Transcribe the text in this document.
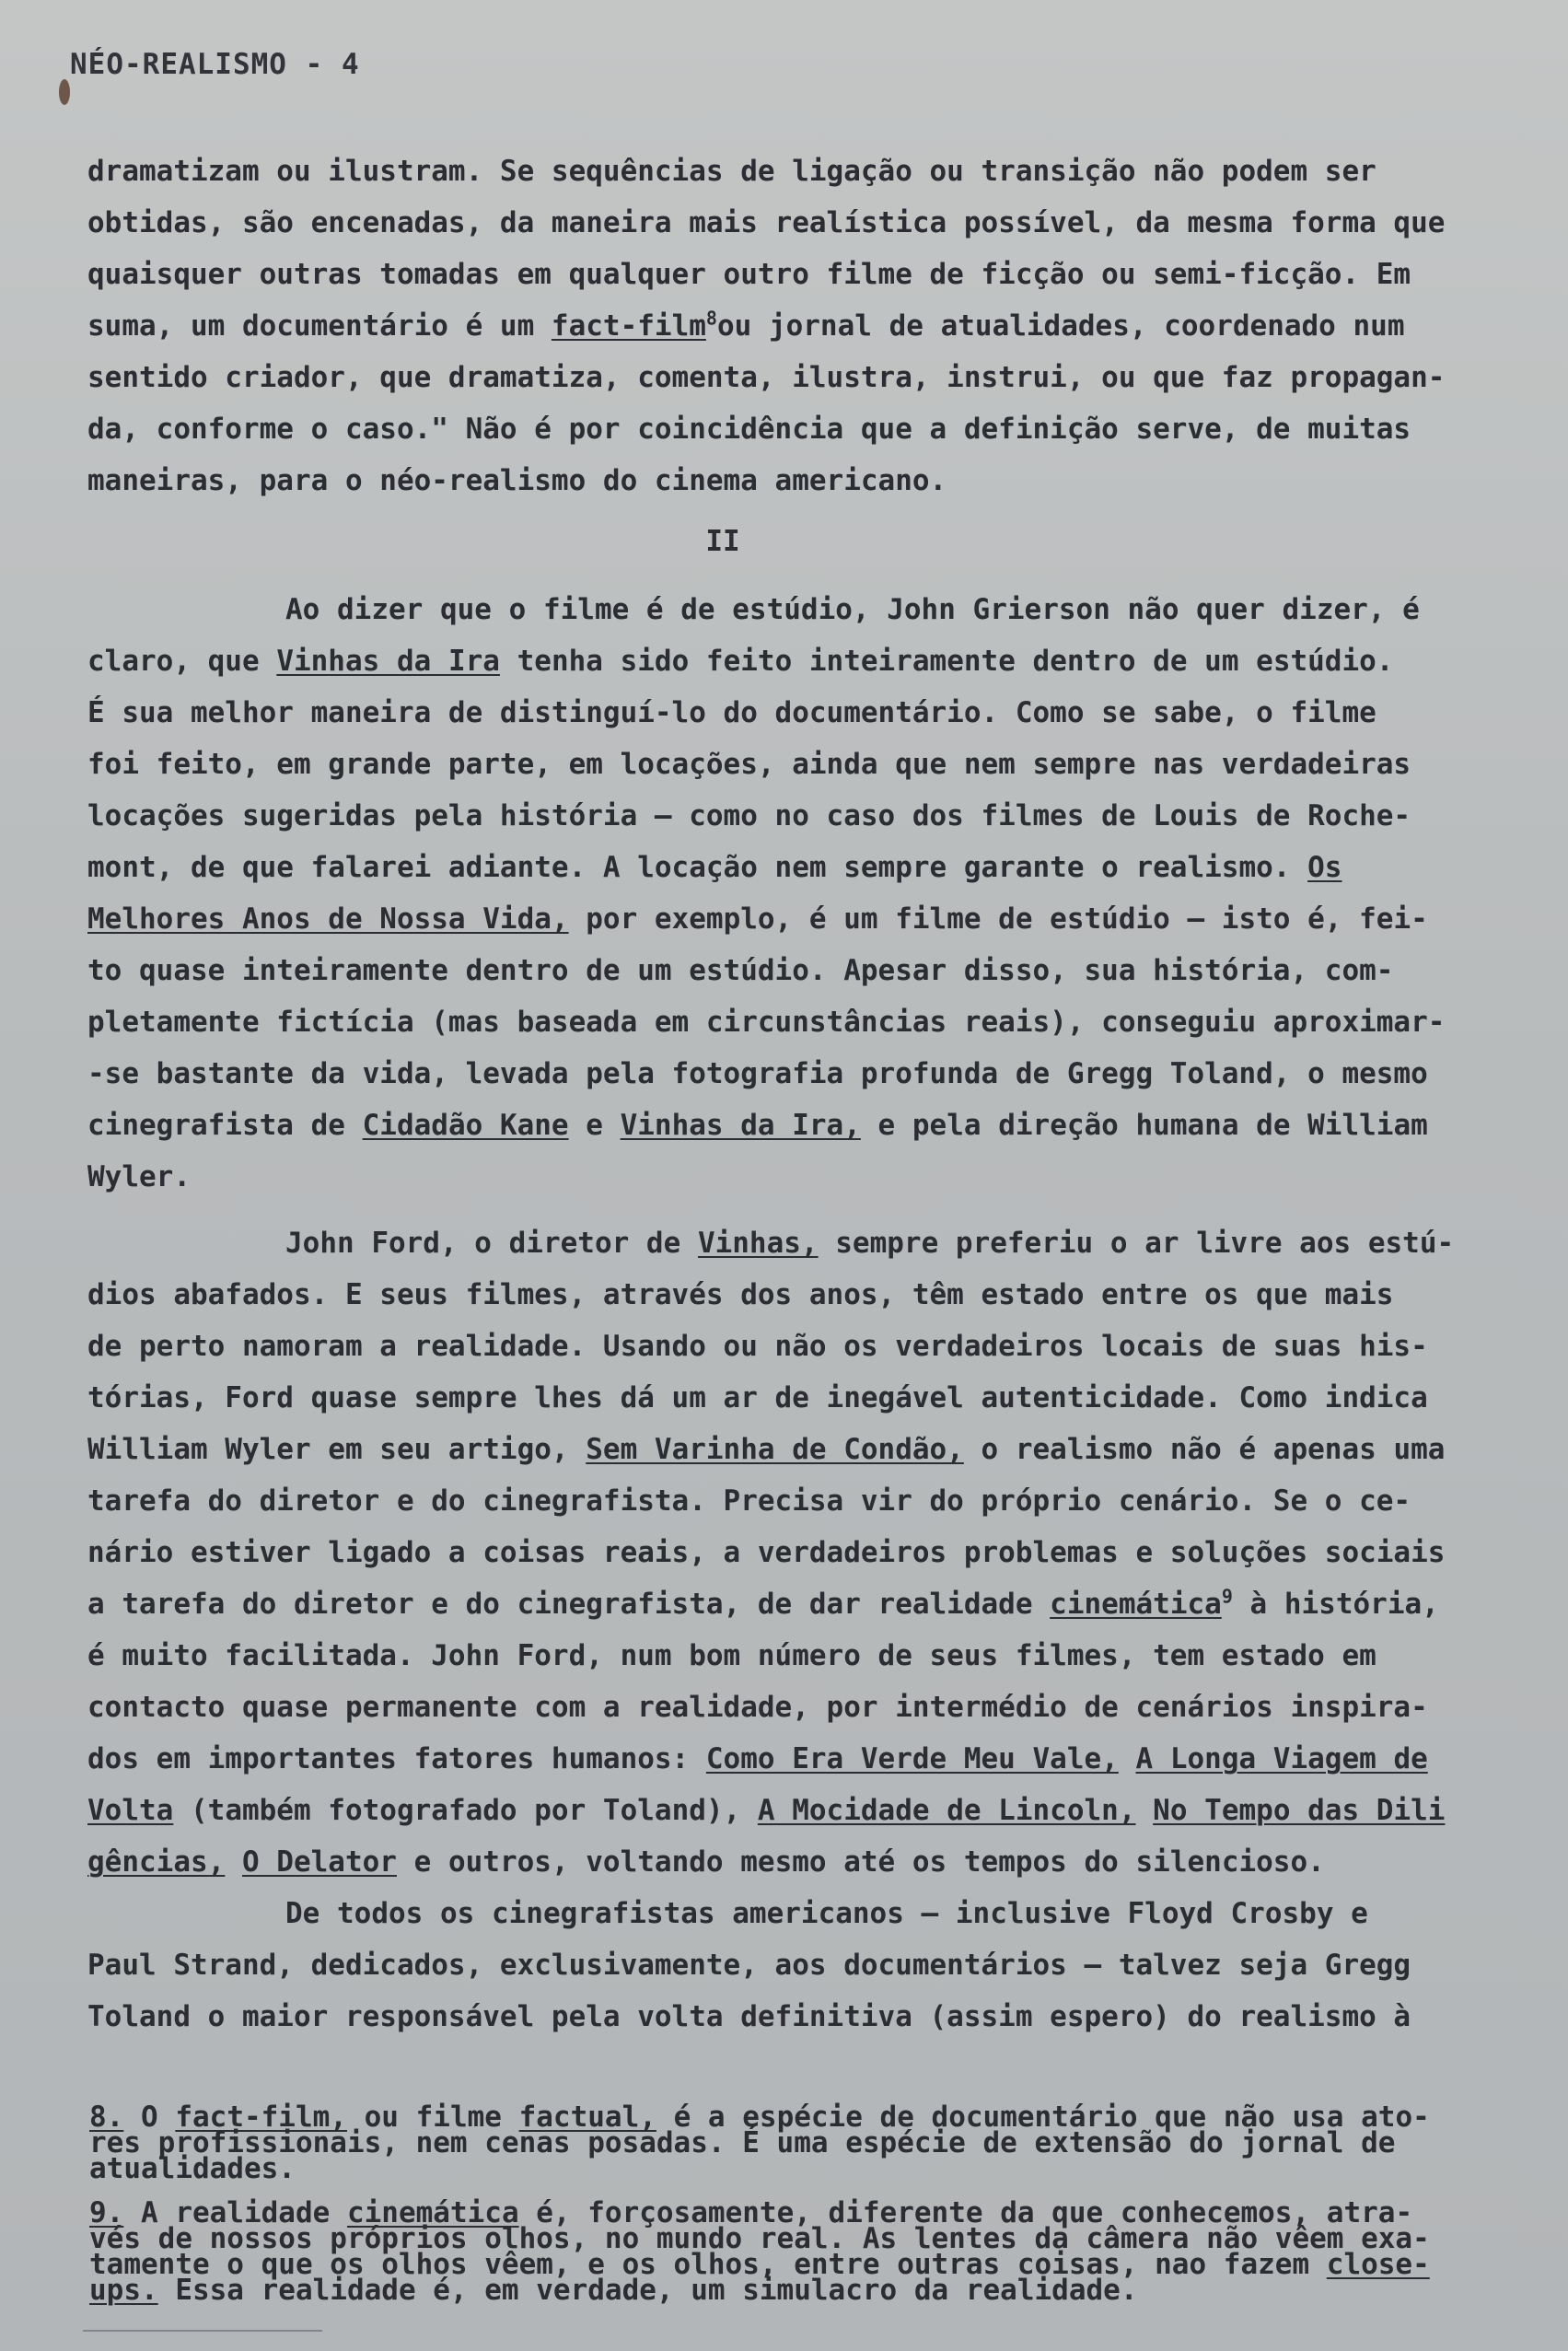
NÉO-REALISMO - 4

dramatizam ou ilustram. Se sequências de ligação ou transição não podem ser
obtidas, são encenadas, da maneira mais realística possível, da mesma forma que
quaisquer outras tomadas em qualquer outro filme de ficção ou semi-ficção. Em
suma, um documentário é um fact-film$^8$ou jornal de atualidades, coordenado num
sentido criador, que dramatiza, comenta, ilustra, instrui, ou que faz propagan-
da, conforme o caso." Não é por coincidência que a definição serve, de muitas
maneiras, para o néo-realismo do cinema americano.

II

Ao dizer que o filme é de estúdio, John Grierson não quer dizer, é
claro, que Vinhas da Ira tenha sido feito inteiramente dentro de um estúdio.
É sua melhor maneira de distinguí-lo do documentário. Como se sabe, o filme
foi feito, em grande parte, em locações, ainda que nem sempre nas verdadeiras
locações sugeridas pela história — como no caso dos filmes de Louis de Roche-
mont, de que falarei adiante. A locação nem sempre garante o realismo. Os
Melhores Anos de Nossa Vida, por exemplo, é um filme de estúdio — isto é, fei-
to quase inteiramente dentro de um estúdio. Apesar disso, sua história, com-
pletamente fictícia (mas baseada em circunstâncias reais), conseguiu aproximar-
-se bastante da vida, levada pela fotografia profunda de Gregg Toland, o mesmo
cinegrafista de Cidadão Kane e Vinhas da Ira, e pela direção humana de William
Wyler.

John Ford, o diretor de Vinhas, sempre preferiu o ar livre aos estú-
dios abafados. E seus filmes, através dos anos, têm estado entre os que mais
de perto namoram a realidade. Usando ou não os verdadeiros locais de suas his-
tórias, Ford quase sempre lhes dá um ar de inegável autenticidade. Como indica
William Wyler em seu artigo, Sem Varinha de Condão, o realismo não é apenas uma
tarefa do diretor e do cinegrafista. Precisa vir do próprio cenário. Se o ce-
nário estiver ligado a coisas reais, a verdadeiros problemas e soluções sociais
a tarefa do diretor e do cinegrafista, de dar realidade cinemática$^9$ à história,
é muito facilitada. John Ford, num bom número de seus filmes, tem estado em
contacto quase permanente com a realidade, por intermédio de cenários inspira-
dos em importantes fatores humanos: Como Era Verde Meu Vale, A Longa Viagem de
Volta (também fotografado por Toland), A Mocidade de Lincoln, No Tempo das Dili
gências, O Delator e outros, voltando mesmo até os tempos do silencioso.

De todos os cinegrafistas americanos — inclusive Floyd Crosby e
Paul Strand, dedicados, exclusivamente, aos documentários — talvez seja Gregg
Toland o maior responsável pela volta definitiva (assim espero) do realismo à

8. O fact-film, ou filme factual, é a espécie de documentário que não usa ato-
res profissionais, nem cenas posadas. É uma espécie de extensão do jornal de
atualidades.
9. A realidade cinemática é, forçosamente, diferente da que conhecemos, atra-
vés de nossos próprios olhos, no mundo real. As lentes da câmera não vêem exa-
tamente o que os olhos vêem, e os olhos, entre outras coisas, nao fazem close-
ups. Essa realidade é, em verdade, um simulacro da realidade.
